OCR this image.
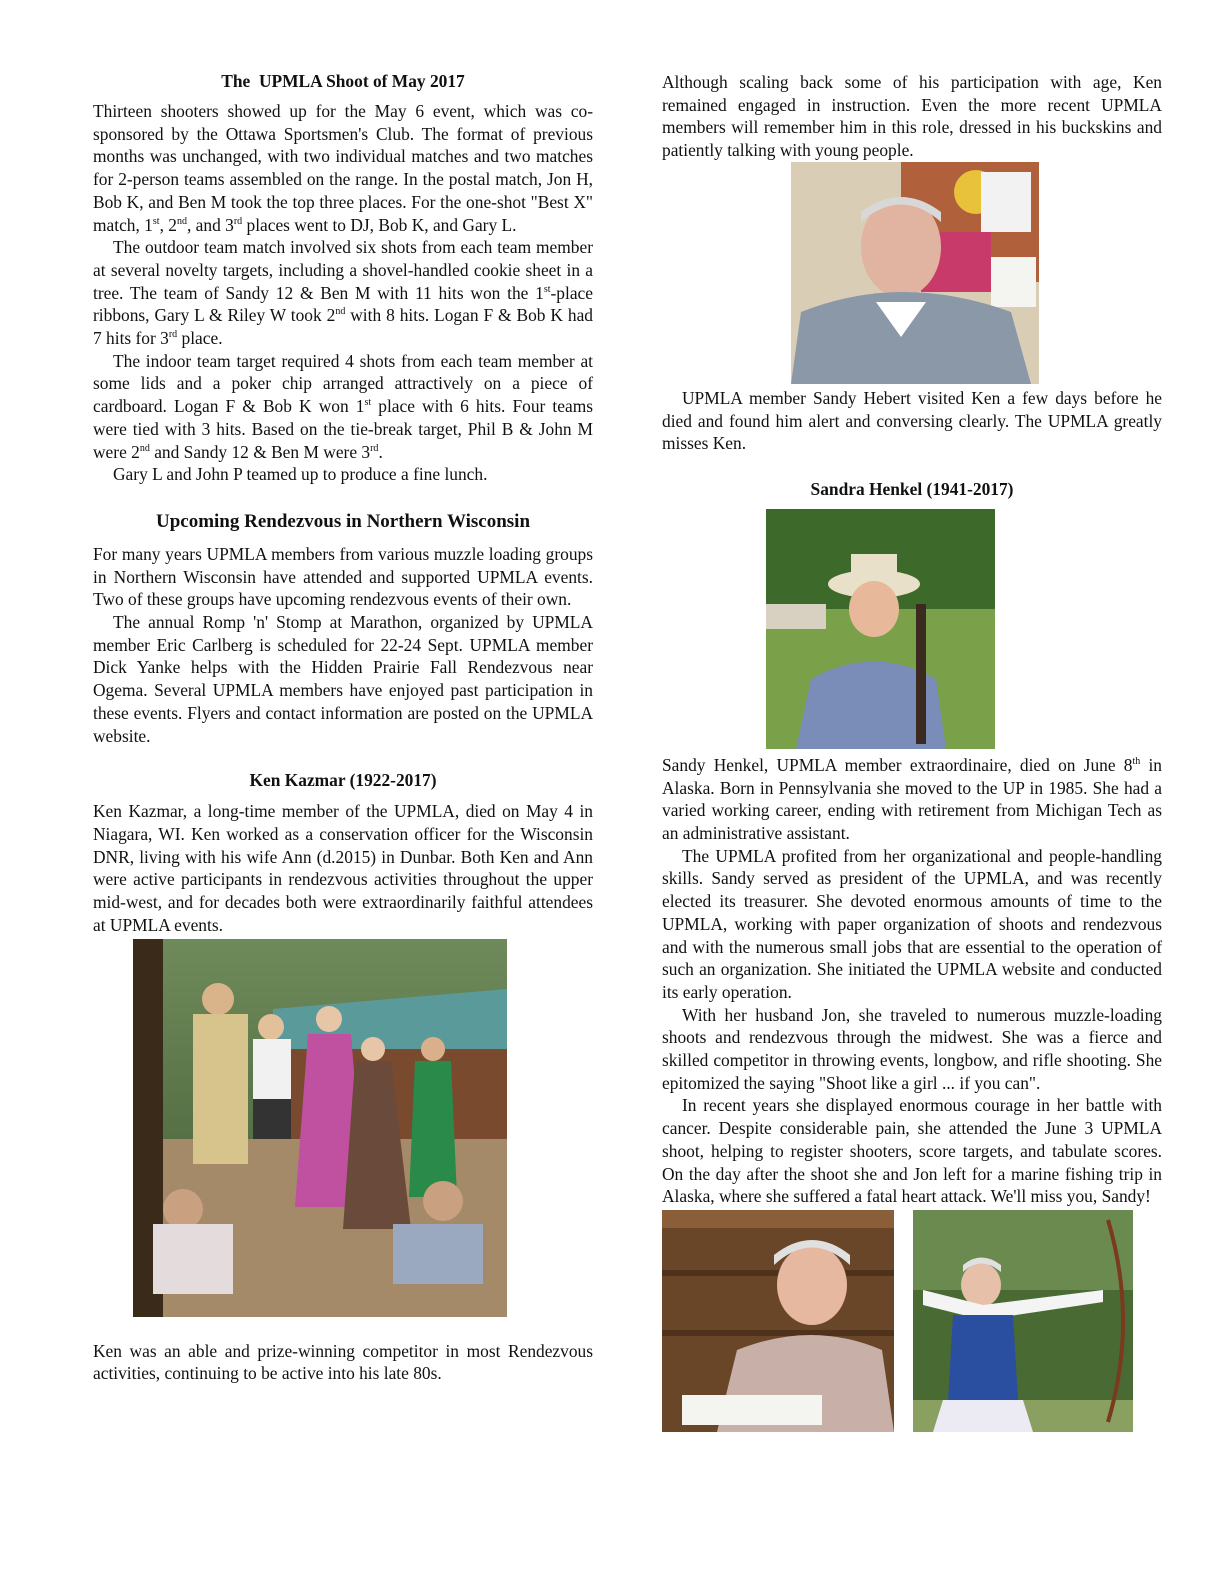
The  UPMLA Shoot of May 2017

Thirteen shooters showed up for the May 6 event, which was co-sponsored by the Ottawa Sportsmen's Club. The format of previous months was unchanged, with two individual matches and two matches for 2-person teams assembled on the range. In the postal match, Jon H, Bob K, and Ben M took the top three places. For the one-shot "Best X" match, 1st, 2nd, and 3rd places went to DJ, Bob K, and Gary L.

The outdoor team match involved six shots from each team member at several novelty targets, including a shovel-handled cookie sheet in a tree. The team of Sandy 12 & Ben M with 11 hits won the 1st-place ribbons, Gary L & Riley W took 2nd with 8 hits. Logan F & Bob K had 7 hits for 3rd place.

The indoor team target required 4 shots from each team member at some lids and a poker chip arranged attractively on a piece of cardboard. Logan F & Bob K won 1st place with 6 hits. Four teams were tied with 3 hits. Based on the tie-break target, Phil B & John M were 2nd and Sandy 12 & Ben M were 3rd.

Gary L and John P teamed up to produce a fine lunch.

Upcoming Rendezvous in Northern Wisconsin

For many years UPMLA members from various muzzle loading groups in Northern Wisconsin have attended and supported UPMLA events. Two of these groups have upcoming rendezvous events of their own.

The annual Romp 'n' Stomp at Marathon, organized by UPMLA member Eric Carlberg is scheduled for 22-24 Sept. UPMLA member Dick Yanke helps with the Hidden Prairie Fall Rendezvous near Ogema. Several UPMLA members have enjoyed past participation in these events. Flyers and contact information are posted on the UPMLA website.

Ken Kazmar (1922-2017)

Ken Kazmar, a long-time member of the UPMLA, died on May 4 in Niagara, WI. Ken worked as a conservation officer for the Wisconsin DNR, living with his wife Ann (d.2015) in Dunbar. Both Ken and Ann were active participants in rendezvous activities throughout the upper mid-west, and for decades both were extraordinarily faithful attendees at UPMLA events.

Ken was an able and prize-winning competitor in most Rendezvous activities, continuing to be active into his late 80s.

Although scaling back some of his participation with age, Ken remained engaged in instruction. Even the more recent UPMLA members will remember him in this role, dressed in his buckskins and patiently talking with young people.

UPMLA member Sandy Hebert visited Ken a few days before he died and found him alert and conversing clearly. The UPMLA greatly misses Ken.

Sandra Henkel (1941-2017)

Sandy Henkel, UPMLA member extraordinaire, died on June 8th in Alaska. Born in Pennsylvania she moved to the UP in 1985. She had a varied working career, ending with retirement from Michigan Tech as an administrative assistant.

The UPMLA profited from her organizational and people-handling skills. Sandy served as president of the UPMLA, and was recently elected its treasurer. She devoted enormous amounts of time to the UPMLA, working with paper organization of shoots and rendezvous and with the numerous small jobs that are essential to the operation of such an organization. She initiated the UPMLA website and conducted its early operation.

With her husband Jon, she traveled to numerous muzzle-loading shoots and rendezvous through the midwest. She was a fierce and skilled competitor in throwing events, longbow, and rifle shooting. She epitomized the saying "Shoot like a girl ... if you can".

In recent years she displayed enormous courage in her battle with cancer. Despite considerable pain, she attended the June 3 UPMLA shoot, helping to register shooters, score targets, and tabulate scores. On the day after the shoot she and Jon left for a marine fishing trip in Alaska, where she suffered a fatal heart attack. We'll miss you, Sandy!
